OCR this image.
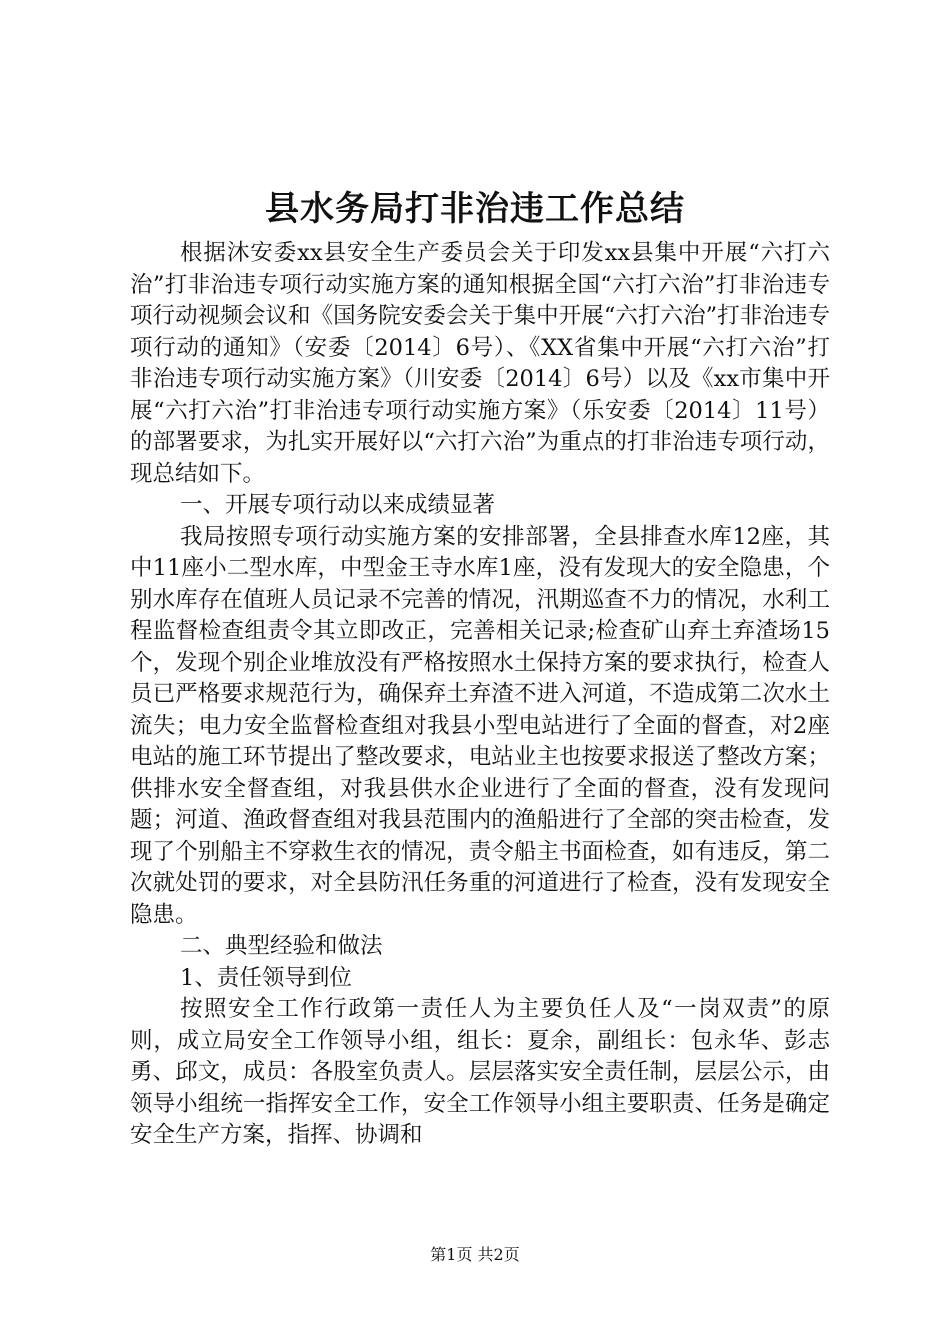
县水务局打非治违工作总结

根据沐安委xx县安全生产委员会关于印发xx县集中开展“六打六治”打非治违专项行动实施方案的通知根据全国“六打六治”打非治违专项行动视频会议和《国务院安委会关于集中开展“六打六治”打非治违专项行动的通知》（安委〔2014〕6号）、《XX省集中开展“六打六治”打非治违专项行动实施方案》（川安委〔2014〕6号）以及《xx市集中开展“六打六治”打非治违专项行动实施方案》（乐安委〔2014〕11号）的部署要求，为扎实开展好以“六打六治”为重点的打非治违专项行动，现总结如下。

一、开展专项行动以来成绩显著

我局按照专项行动实施方案的安排部署，全县排查水库12座，其中11座小二型水库，中型金王寺水库1座，没有发现大的安全隐患，个别水库存在值班人员记录不完善的情况，汛期巡查不力的情况，水利工程监督检查组责令其立即改正，完善相关记录;检查矿山弃土弃渣场15个，发现个别企业堆放没有严格按照水土保持方案的要求执行，检查人员已严格要求规范行为，确保弃土弃渣不进入河道，不造成第二次水土流失；电力安全监督检查组对我县小型电站进行了全面的督查，对2座电站的施工环节提出了整改要求，电站业主也按要求报送了整改方案；供排水安全督查组，对我县供水企业进行了全面的督查，没有发现问题；河道、渔政督查组对我县范围内的渔船进行了全部的突击检查，发现了个别船主不穿救生衣的情况，责令船主书面检查，如有违反，第二次就处罚的要求，对全县防汛任务重的河道进行了检查，没有发现安全隐患。

二、典型经验和做法

1、责任领导到位

按照安全工作行政第一责任人为主要负任人及“一岗双责”的原则，成立局安全工作领导小组，组长：夏余，副组长：包永华、彭志勇、邱文，成员：各股室负责人。层层落实安全责任制，层层公示，由领导小组统一指挥安全工作，安全工作领导小组主要职责、任务是确定安全生产方案，指挥、协调和

第1页 共2页
